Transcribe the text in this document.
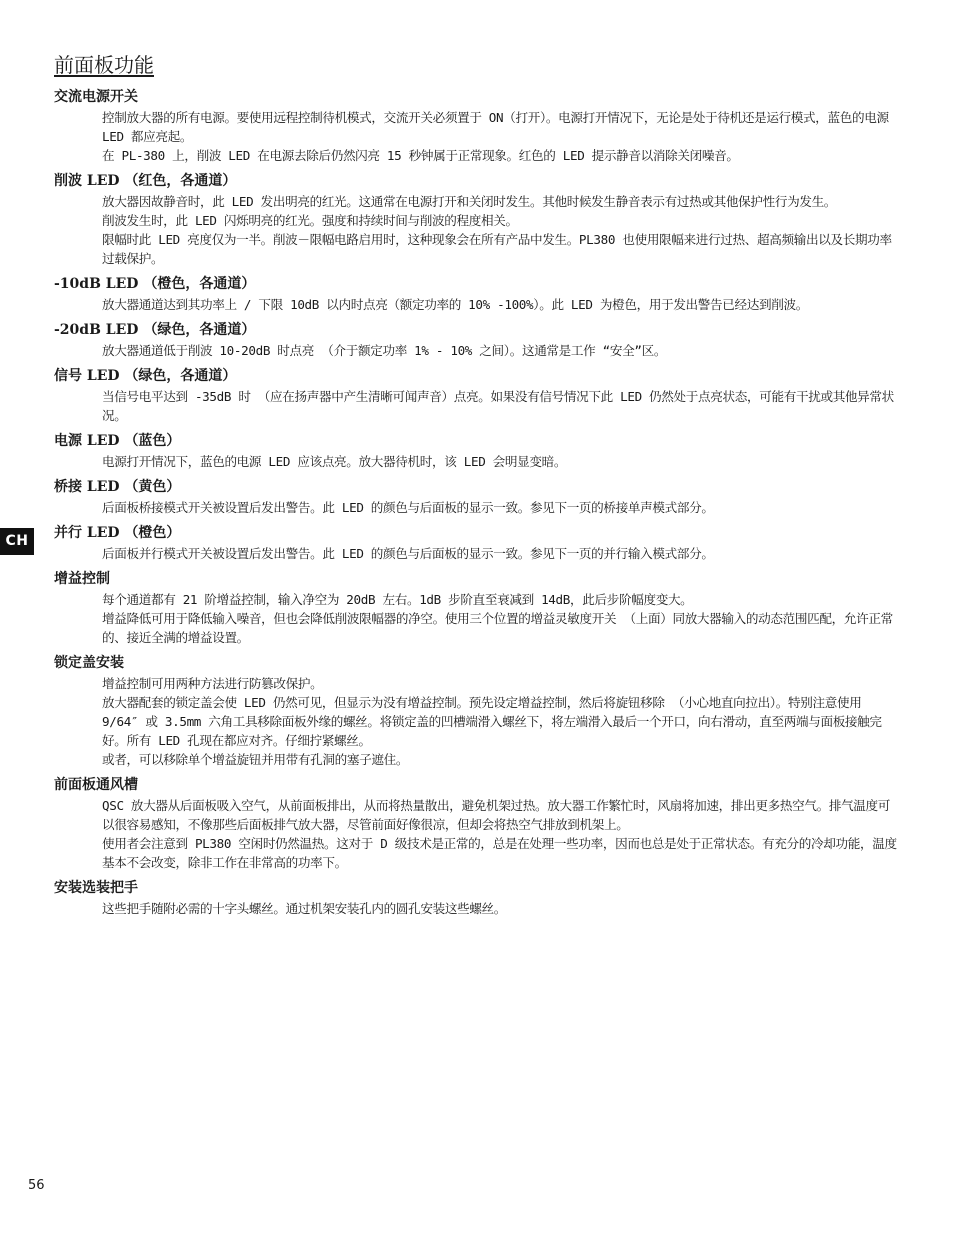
前面板功能
交流电源开关

控制放大器的所有电源。要使用远程控制待机模式，交流开关必须置于 ON（打开）。电源打开情况下，无论是处于待机还是运行模式，蓝色的电源 LED 都应亮起。

在 PL-380 上，削波 LED 在电源去除后仍然闪亮 15 秒钟属于正常现象。红色的 LED 提示静音以消除关闭噪音。

削波 LED （红色，各通道）

放大器因故静音时，此 LED 发出明亮的红光。这通常在电源打开和关闭时发生。其他时候发生静音表示有过热或其他保护性行为发生。

削波发生时，此 LED 闪烁明亮的红光。强度和持续时间与削波的程度相关。

限幅时此 LED 亮度仅为一半。削波－限幅电路启用时，这种现象会在所有产品中发生。PL380 也使用限幅来进行过热、超高频输出以及长期功率过载保护。

-10dB LED （橙色，各通道）

放大器通道达到其功率上 / 下限 10dB 以内时点亮（额定功率的 10% -100%）。此 LED 为橙色，用于发出警告已经达到削波。

-20dB LED （绿色，各通道）

放大器通道低于削波 10-20dB 时点亮 （介于额定功率 1% - 10% 之间）。这通常是工作 “安全”区。

信号 LED （绿色，各通道）

当信号电平达到 -35dB 时 （应在扬声器中产生清晰可闻声音）点亮。如果没有信号情况下此 LED 仍然处于点亮状态，可能有干扰或其他异常状况。

电源 LED （蓝色）

电源打开情况下，蓝色的电源 LED 应该点亮。放大器待机时，该 LED 会明显变暗。

桥接 LED （黄色）

后面板桥接模式开关被设置后发出警告。此 LED 的颜色与后面板的显示一致。参见下一页的桥接单声模式部分。

并行 LED （橙色）

后面板并行模式开关被设置后发出警告。此 LED 的颜色与后面板的显示一致。参见下一页的并行输入模式部分。

增益控制

每个通道都有 21 阶增益控制，输入净空为 20dB 左右。1dB 步阶直至衰减到 14dB，此后步阶幅度变大。

增益降低可用于降低输入噪音，但也会降低削波限幅器的净空。使用三个位置的增益灵敏度开关 （上面）同放大器输入的动态范围匹配，允许正常的、接近全满的增益设置。

锁定盖安装

增益控制可用两种方法进行防篡改保护。

放大器配套的锁定盖会使 LED 仍然可见，但显示为没有增益控制。预先设定增益控制，然后将旋钮移除 （小心地直向拉出）。特别注意使用 9/64″ 或 3.5mm 六角工具移除面板外缘的螺丝。将锁定盖的凹槽端滑入螺丝下，将左端滑入最后一个开口，向右滑动，直至两端与面板接触完好。所有 LED 孔现在都应对齐。仔细拧紧螺丝。

或者，可以移除单个增益旋钮并用带有孔洞的塞子遮住。

前面板通风槽

QSC 放大器从后面板吸入空气，从前面板排出，从而将热量散出，避免机架过热。放大器工作繁忙时，风扇将加速，排出更多热空气。排气温度可以很容易感知，不像那些后面板排气放大器，尽管前面好像很凉，但却会将热空气排放到机架上。

使用者会注意到 PL380 空闲时仍然温热。这对于 D 级技术是正常的，总是在处理一些功率，因而也总是处于正常状态。有充分的冷却功能，温度基本不会改变，除非工作在非常高的功率下。

安装选装把手

这些把手随附必需的十字头螺丝。通过机架安装孔内的圆孔安装这些螺丝。

CH
56
